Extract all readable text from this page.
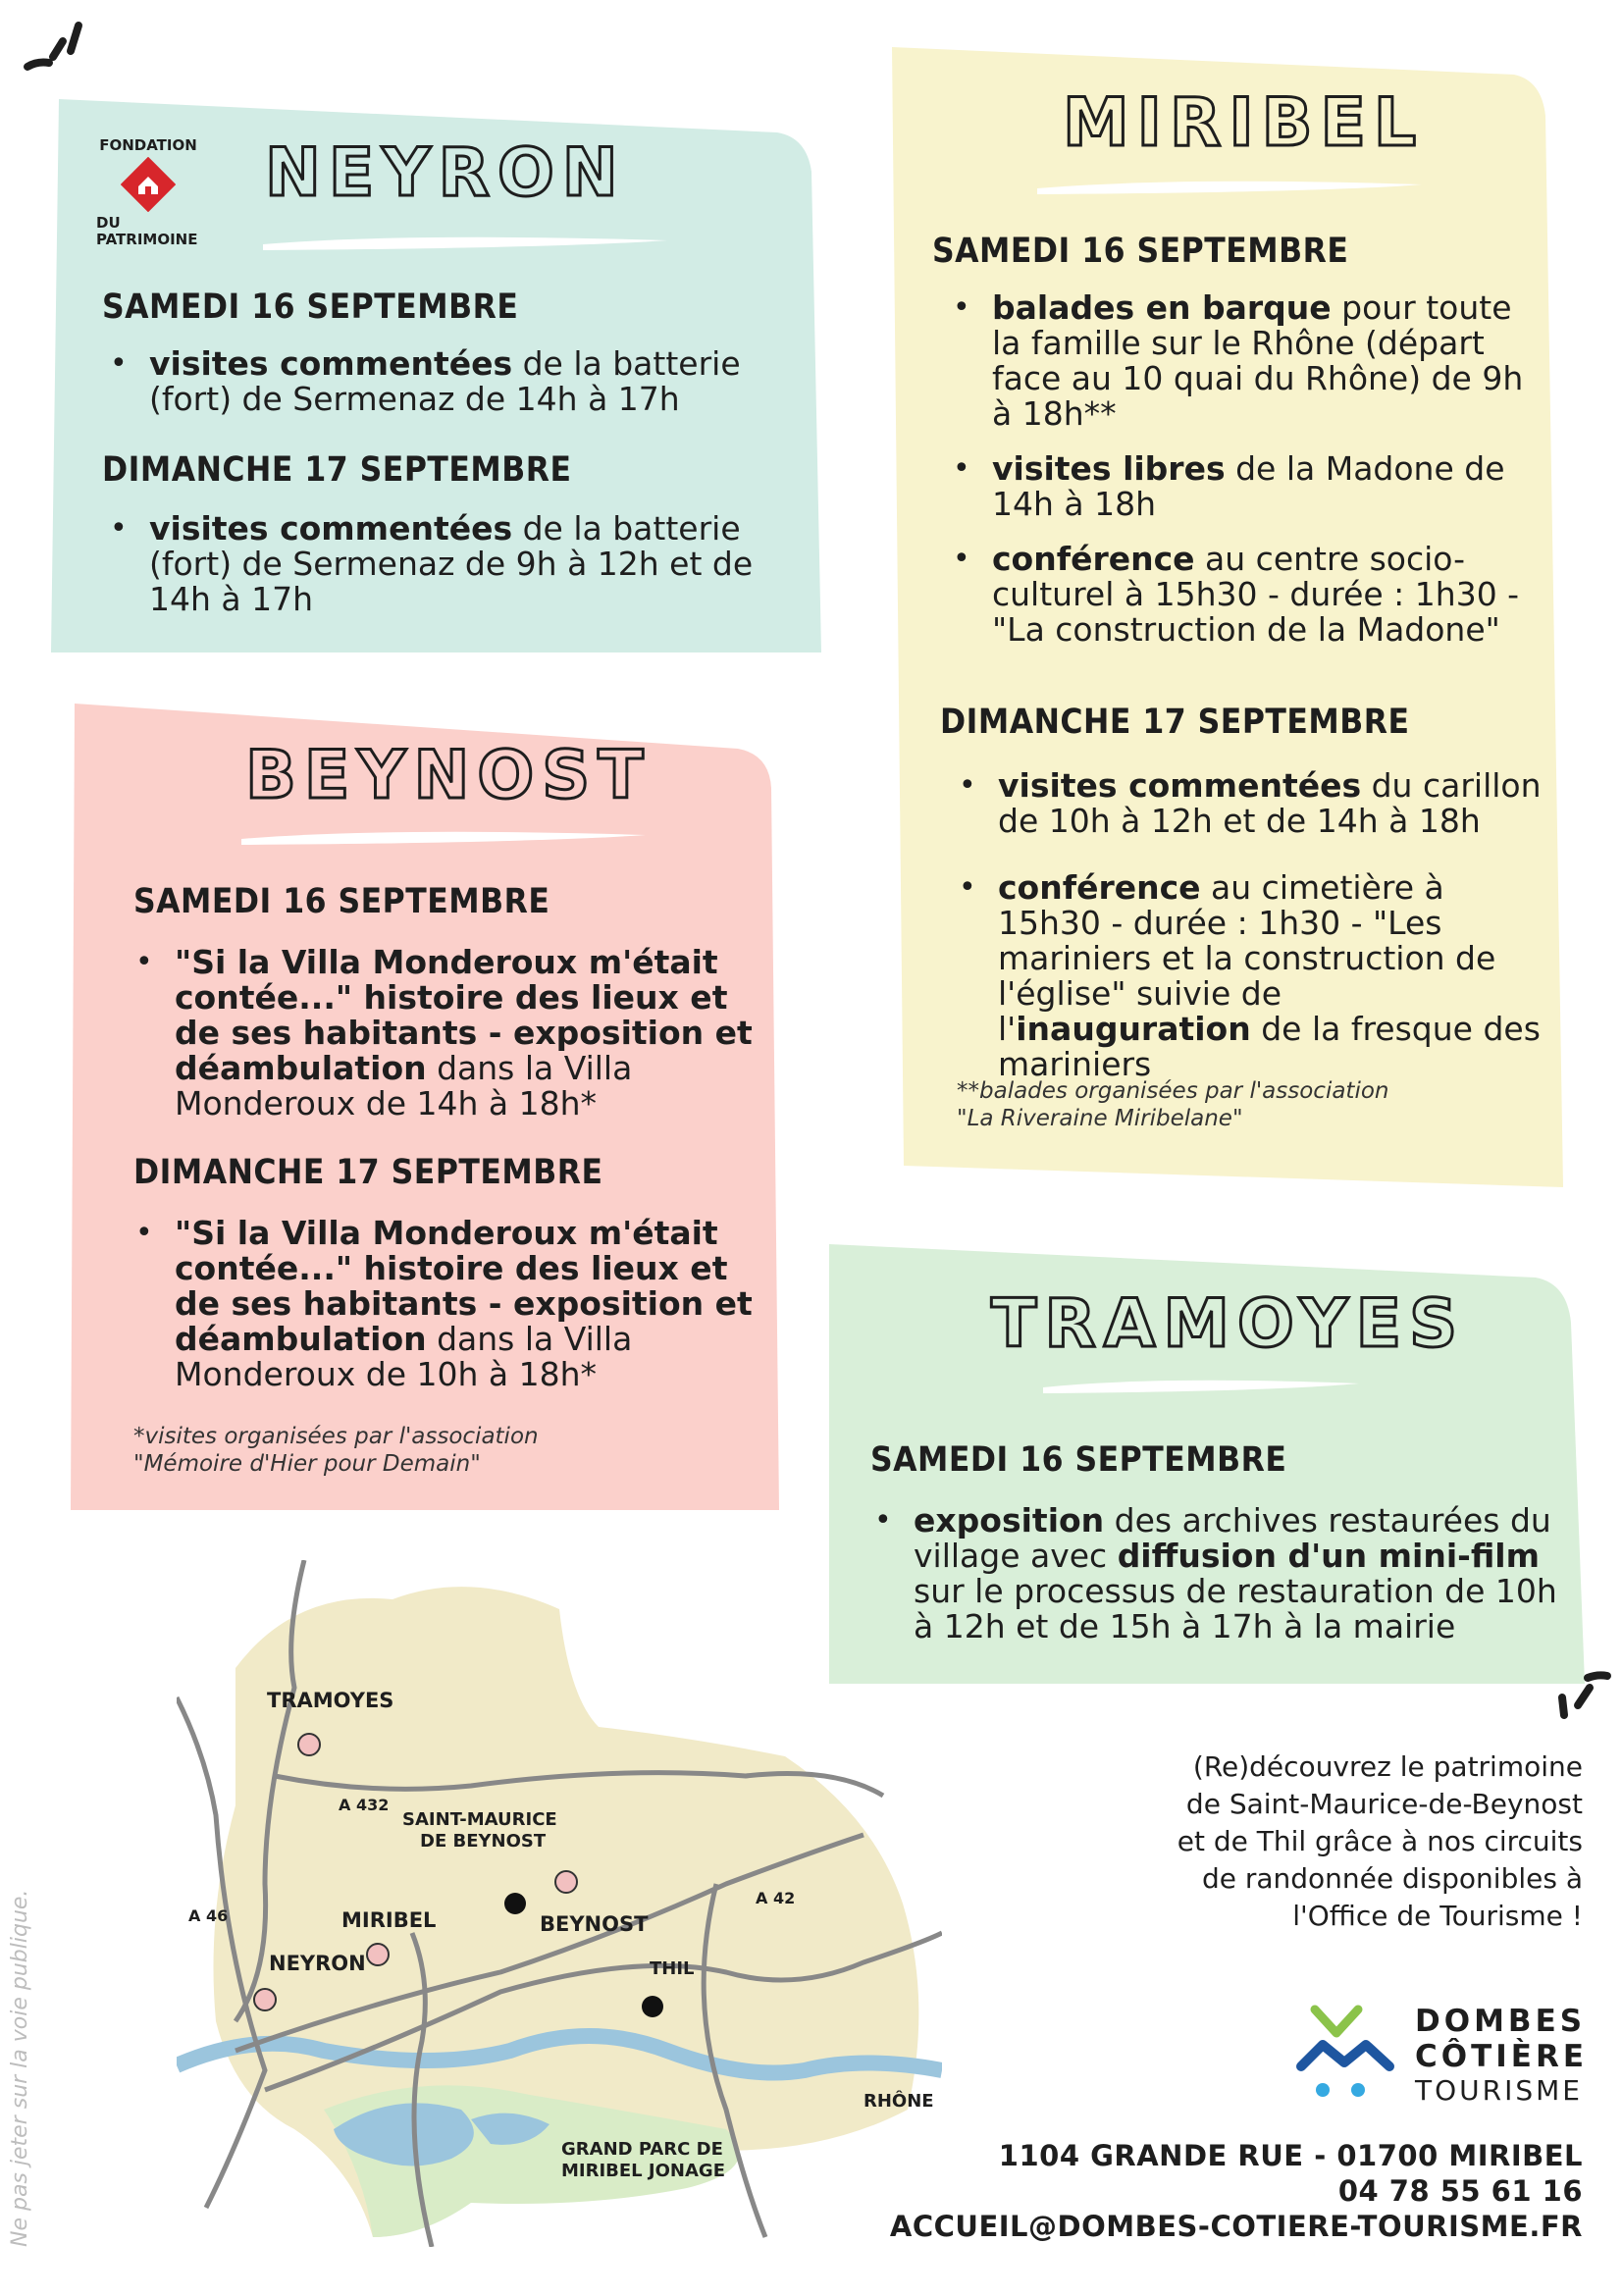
FONDATION
DU
PATRIMOINE
NEYRON
SAMEDI 16 SEPTEMBRE
• visites commentées de la batterie (fort) de Sermenaz de 14h à 17h
DIMANCHE 17 SEPTEMBRE
• visites commentées de la batterie (fort) de Sermenaz de 9h à 12h et de 14h à 17h
MIRIBEL
SAMEDI 16 SEPTEMBRE
• balades en barque pour toute la famille sur le Rhône (départ face au 10 quai du Rhône) de 9h à 18h**
• visites libres de la Madone de 14h à 18h
• conférence au centre socio-culturel à 15h30 - durée : 1h30 - "La construction de la Madone"
DIMANCHE 17 SEPTEMBRE
• visites commentées du carillon de 10h à 12h et de 14h à 18h
• conférence au cimetière à 15h30 - durée : 1h30 - "Les mariniers et la construction de l'église" suivie de l'inauguration de la fresque des mariniers
**balades organisées par l'association
"La Riveraine Miribelane"
BEYNOST
SAMEDI 16 SEPTEMBRE
• "Si la Villa Monderoux m'était contée..." histoire des lieux et de ses habitants - exposition et déambulation dans la Villa Monderoux de 14h à 18h*
DIMANCHE 17 SEPTEMBRE
• "Si la Villa Monderoux m'était contée..." histoire des lieux et de ses habitants - exposition et déambulation dans la Villa Monderoux de 10h à 18h*
*visites organisées par l'association
"Mémoire d'Hier pour Demain"
TRAMOYES
SAMEDI 16 SEPTEMBRE
• exposition des archives restaurées du village avec diffusion d'un mini-film sur le processus de restauration de 10h à 12h et de 15h à 17h à la mairie
TRAMOYES
SAINT-MAURICE
DE BEYNOST
MIRIBEL	BEYNOST
NEYRON	THIL
A 432
A 46
A 42
RHÔNE
GRAND PARC DE
MIRIBEL JONAGE
(Re)découvrez le patrimoine de Saint-Maurice-de-Beynost et de Thil grâce à nos circuits de randonnée disponibles à l'Office de Tourisme !
DOMBES
CÔTIÈRE
TOURISME
1104 GRANDE RUE - 01700 MIRIBEL
04 78 55 61 16
ACCUEIL@DOMBES-COTIERE-TOURISME.FR
Ne pas jeter sur la voie publique.
